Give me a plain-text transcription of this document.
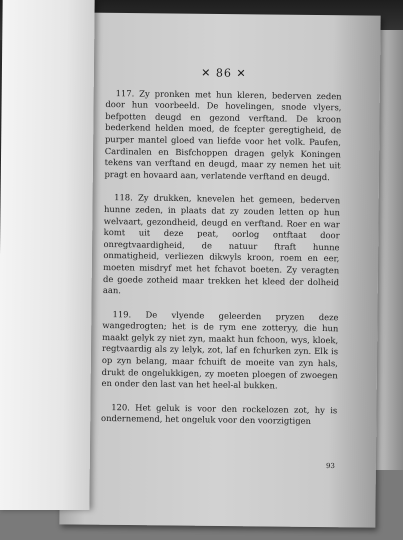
✕ 86 ✕

117. Zy pronken met hun kleren, bederven zeden door hun voorbeeld. De hovelingen, snode vlyers, befpotten deugd en gezond verftand. De kroon bederkend helden moed, de fcepter geregtigheid, de purper mantel gloed van liefde voor het volk. Paufen, Cardinalen en Bisfchoppen dragen gelyk Koningen tekens van verftand en deugd, maar zy nemen het uit pragt en hovaard aan, verlatende verftand en deugd.

118. Zy drukken, knevelen het gemeen, bederven hunne zeden, in plaats dat zy zouden letten op hun welvaart, gezondheid, deugd en verftand. Roer en war komt uit deze peat, oorlog ontftaat door onregtvaardigheid, de natuur ftraft hunne onmatigheid, verliezen dikwyls kroon, roem en eer, moeten misdryf met het fchavot boeten. Zy veragten de goede zotheid maar trekken het kleed der dolheid aan.

119. De vlyende geleerden pryzen deze wangedrogten; het is de rym ene zotteryy, die hun maakt gelyk zy niet zyn, maakt hun fchoon, wys, kloek, regtvaardig als zy lelyk, zot, laf en fchurken zyn. Elk is op zyn belang, maar fchuift de moeite van zyn hals, drukt de ongelukkigen, zy moeten ploegen of zwoegen en onder den last van het heel-al bukken.

120. Het geluk is voor den rockelozen zot, hy is ondernemend, het ongeluk voor den voorzigtigen

93
